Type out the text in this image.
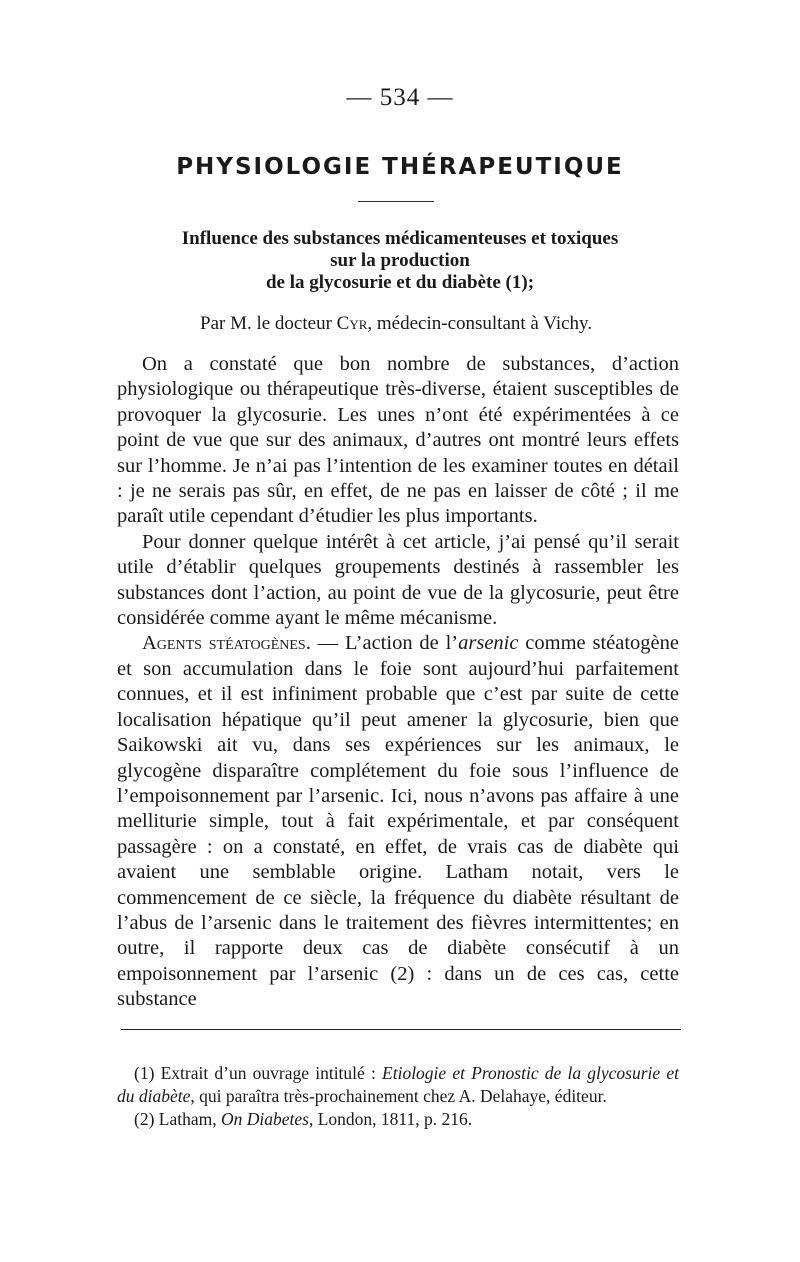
— 534 —
PHYSIOLOGIE THÉRAPEUTIQUE
Influence des substances médicamenteuses et toxiques
sur la production
de la glycosurie et du diabète (1);
Par M. le docteur Cyr, médecin-consultant à Vichy.

On a constaté que bon nombre de substances, d’action physiologique ou thérapeutique très-diverse, étaient susceptibles de provoquer la glycosurie. Les unes n’ont été expérimentées à ce point de vue que sur des animaux, d’autres ont montré leurs effets sur l’homme. Je n’ai pas l’intention de les examiner toutes en détail : je ne serais pas sûr, en effet, de ne pas en laisser de côté ; il me paraît utile cependant d’étudier les plus importants.

Pour donner quelque intérêt à cet article, j’ai pensé qu’il serait utile d’établir quelques groupements destinés à rassembler les substances dont l’action, au point de vue de la glycosurie, peut être considérée comme ayant le même mécanisme.

Agents stéatogènes. — L’action de l’arsenic comme stéatogène et son accumulation dans le foie sont aujourd’hui parfaitement connues, et il est infiniment probable que c’est par suite de cette localisation hépatique qu’il peut amener la glycosurie, bien que Saikowski ait vu, dans ses expériences sur les animaux, le glycogène disparaître complétement du foie sous l’influence de l’empoisonnement par l’arsenic. Ici, nous n’avons pas affaire à une melliturie simple, tout à fait expérimentale, et par conséquent passagère : on a constaté, en effet, de vrais cas de diabète qui avaient une semblable origine. Latham notait, vers le commencement de ce siècle, la fréquence du diabète résultant de l’abus de l’arsenic dans le traitement des fièvres intermittentes; en outre, il rapporte deux cas de diabète consécutif à un empoisonnement par l’arsenic (2) : dans un de ces cas, cette substance

(1) Extrait d’un ouvrage intitulé : Etiologie et Pronostic de la glycosurie et du diabète, qui paraîtra très-prochainement chez A. Delahaye, éditeur.

(2) Latham, On Diabetes, London, 1811, p. 216.
